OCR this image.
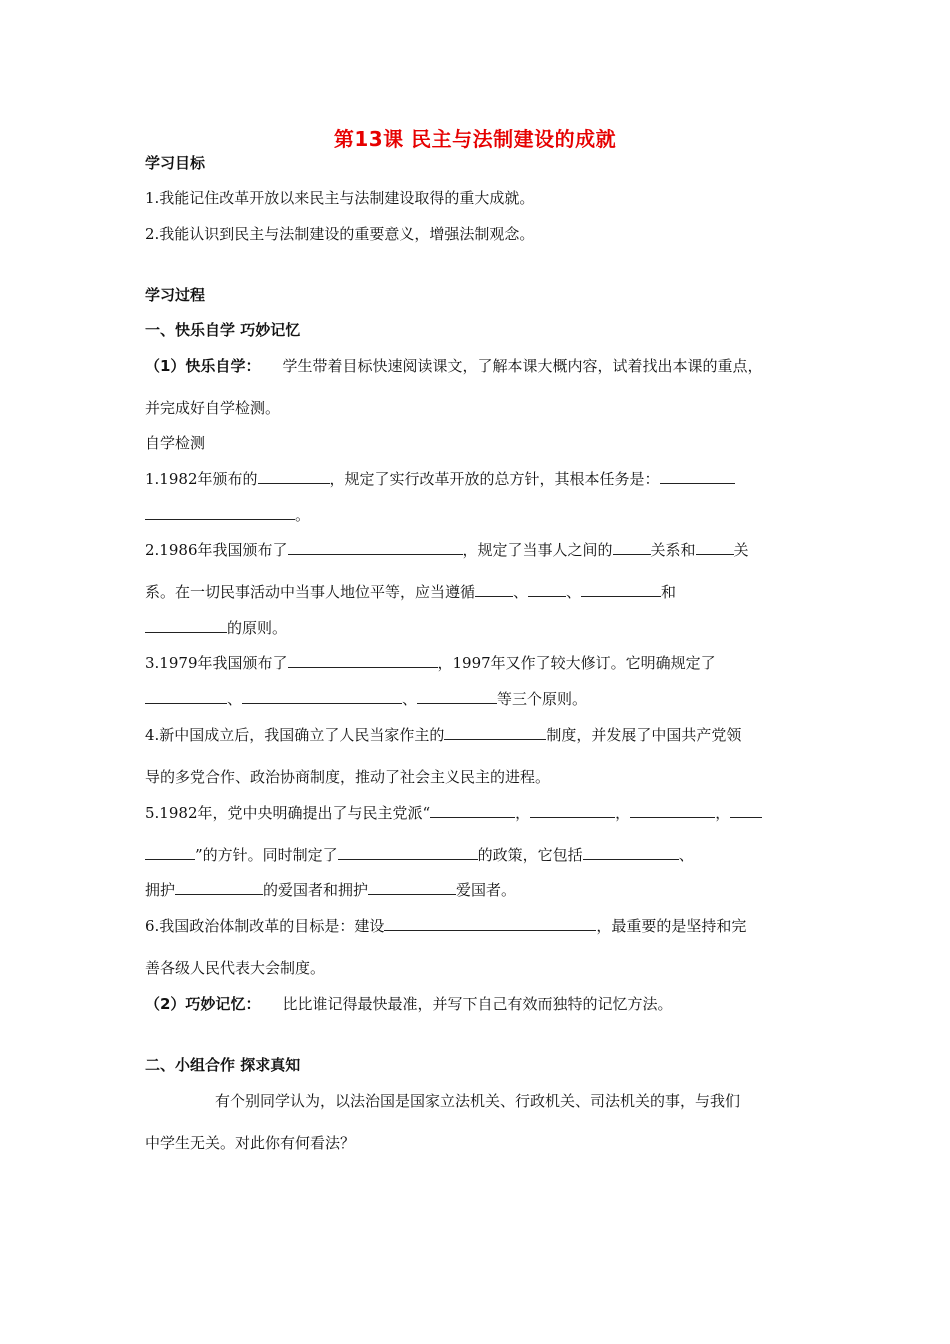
第13课 民主与法制建设的成就
学习目标
1.我能记住改革开放以来民主与法制建设取得的重大成就。
2.我能认识到民主与法制建设的重要意义，增强法制观念。
学习过程
一、快乐自学 巧妙记忆
（1）快乐自学： 学生带着目标快速阅读课文，了解本课大概内容，试着找出本课的重点，
并完成好自学检测。
自学检测
1.1982年颁布的	，规定了实行改革开放的总方针，其根本任务是：
。
2.1986年我国颁布了	，规定了当事人之间的	关系和	关
系。在一切民事活动中当事人地位平等，应当遵循	、	、	和
的原则。
3.1979年我国颁布了	，1997年又作了较大修订。它明确规定了
、	、	等三个原则。
4.新中国成立后，我国确立了人民当家作主的	制度，并发展了中国共产党领
导的多党合作、政治协商制度，推动了社会主义民主的进程。
5.1982年，党中央明确提出了与民主党派“	，	，	，
”的方针。同时制定了	的政策，它包括	、
拥护	的爱国者和拥护	爱国者。
6.我国政治体制改革的目标是：建设	，最重要的是坚持和完
善各级人民代表大会制度。
（2）巧妙记忆： 比比谁记得最快最准，并写下自己有效而独特的记忆方法。
二、小组合作 探求真知
有个别同学认为，以法治国是国家立法机关、行政机关、司法机关的事，与我们
中学生无关。对此你有何看法？
